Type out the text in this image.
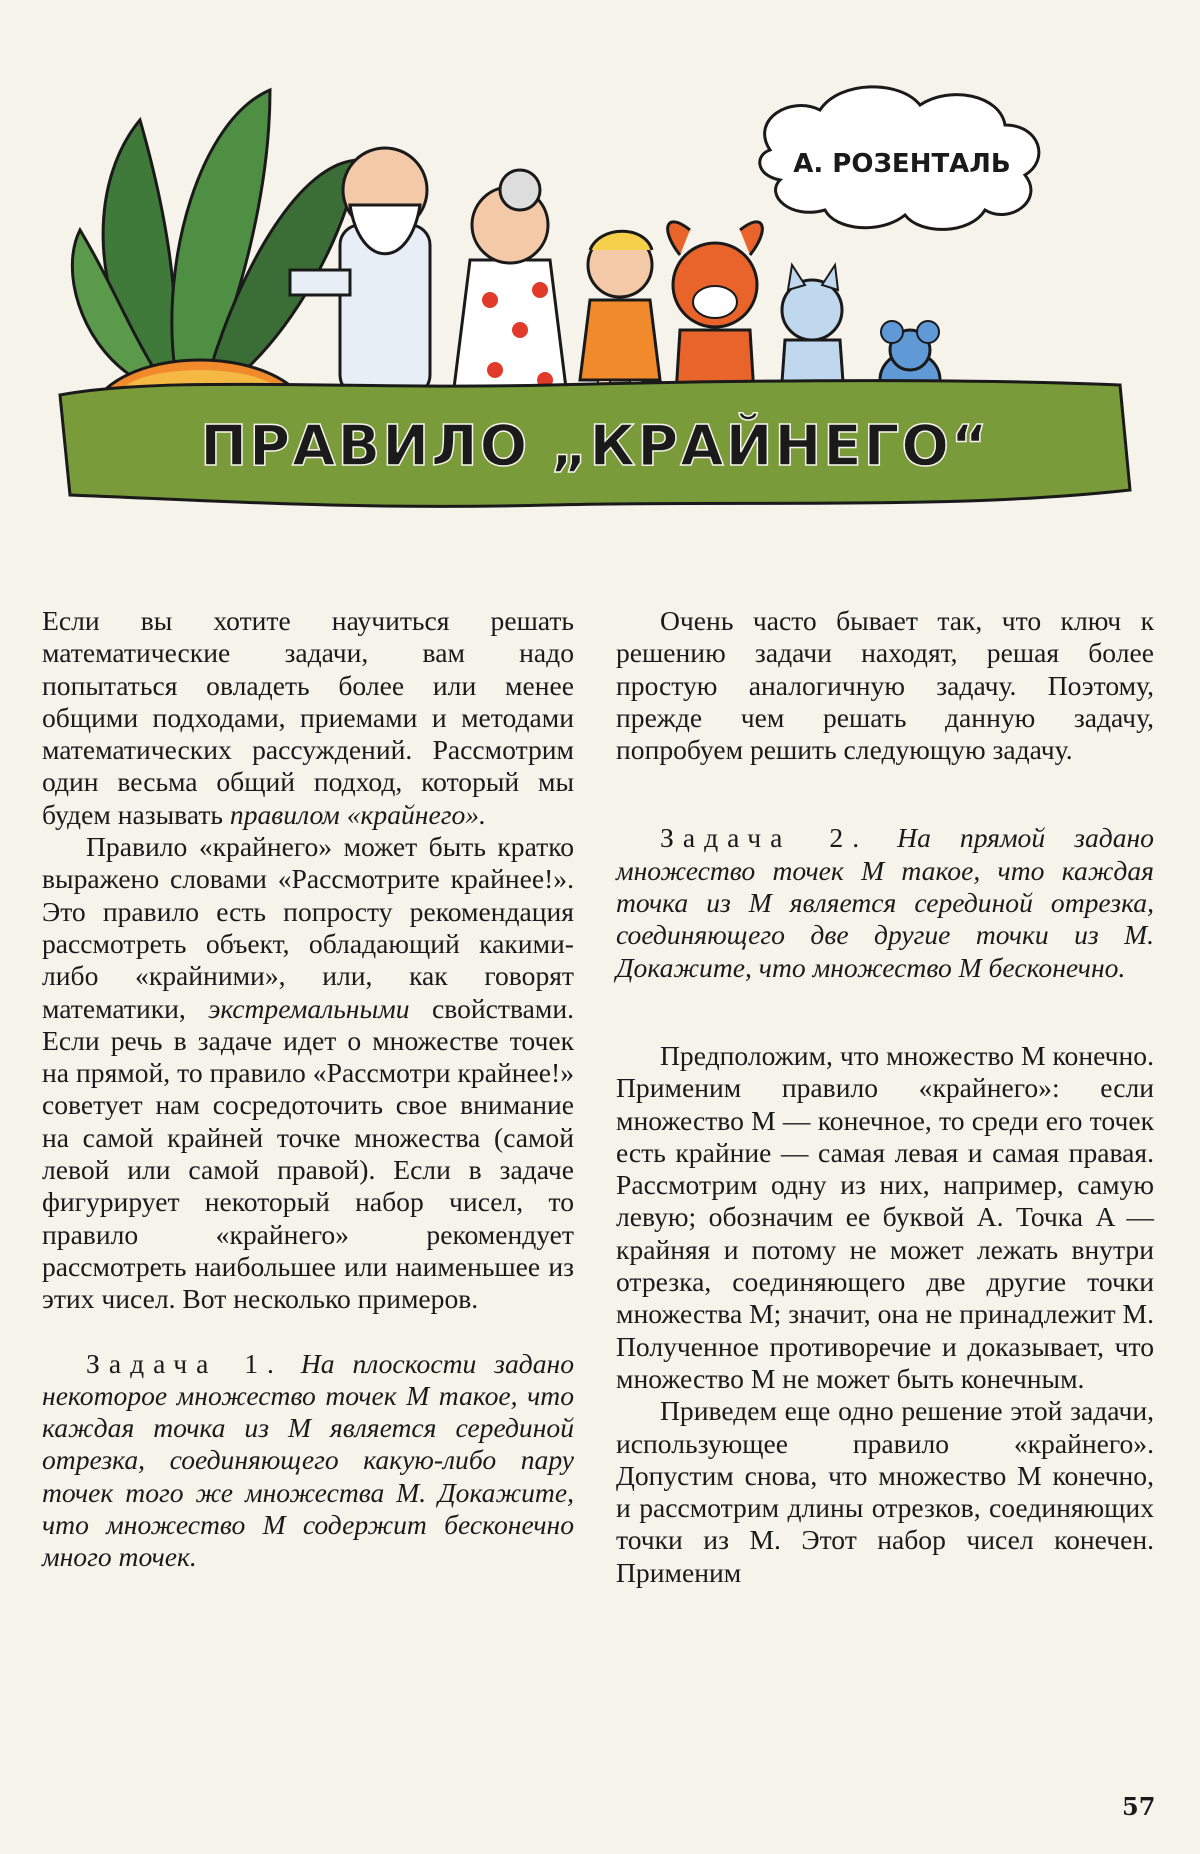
А. РОЗЕНТАЛЬ
ПРАВИЛО „КРАЙНЕГО“

Если вы хотите научиться решать математические задачи, вам надо попытаться овладеть более или менее общими подходами, приемами и методами математических рассуждений. Рассмотрим один весьма общий подход, который мы будем называть правилом «крайнего».

Правило «крайнего» может быть кратко выражено словами «Рассмотрите крайнее!». Это правило есть попросту рекомендация рассмотреть объект, обладающий какими-либо «крайними», или, как говорят математики, экстремальными свойствами. Если речь в задаче идет о множестве точек на прямой, то правило «Рассмотри крайнее!» советует нам сосредоточить свое внимание на самой крайней точке множества (самой левой или самой правой). Если в задаче фигурирует некоторый набор чисел, то правило «крайнего» рекомендует рассмотреть наибольшее или наименьшее из этих чисел. Вот несколько примеров.

Задача 1. На плоскости задано некоторое множество точек M такое, что каждая точка из M является серединой отрезка, соединяющего какую-либо пару точек того же множества M. Докажите, что множество M содержит бесконечно много точек.

Очень часто бывает так, что ключ к решению задачи находят, решая более простую аналогичную задачу. Поэтому, прежде чем решать данную задачу, попробуем решить следующую задачу.

Задача 2. На прямой задано множество точек M такое, что каждая точка из M является серединой отрезка, соединяющего две другие точки из M. Докажите, что множество M бесконечно.

Предположим, что множество M конечно. Применим правило «крайнего»: если множество M — конечное, то среди его точек есть крайние — самая левая и самая правая. Рассмотрим одну из них, например, самую левую; обозначим ее буквой A. Точка A — крайняя и потому не может лежать внутри отрезка, соединяющего две другие точки множества M; значит, она не принадлежит M. Полученное противоречие и доказывает, что множество M не может быть конечным.

Приведем еще одно решение этой задачи, использующее правило «крайнего». Допустим снова, что множество M конечно, и рассмотрим длины отрезков, соединяющих точки из M. Этот набор чисел конечен. Применим

57
